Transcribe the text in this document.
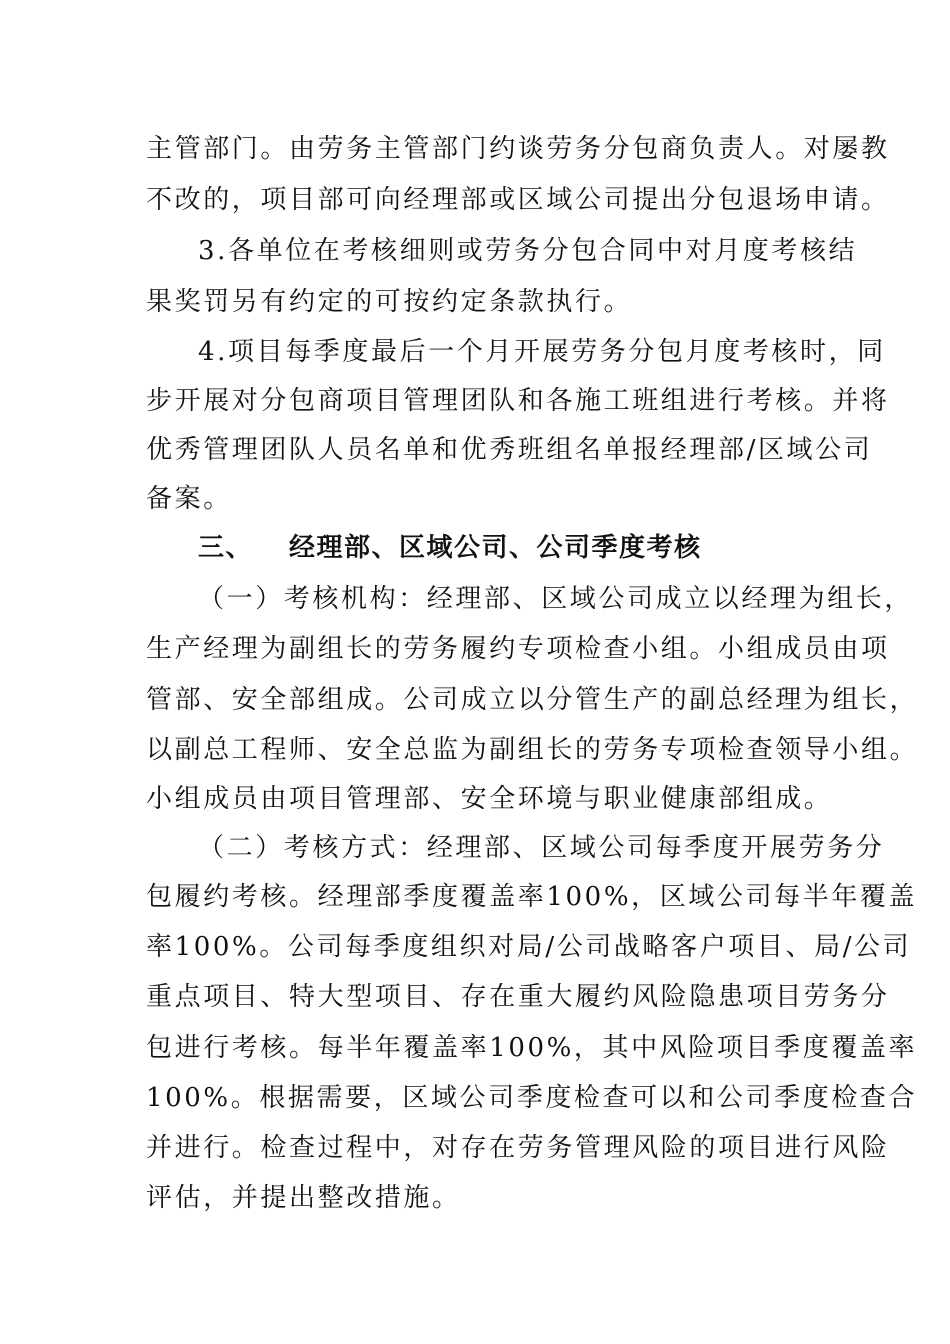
主管部门。由劳务主管部门约谈劳务分包商负责人。对屡教
不改的，项目部可向经理部或区域公司提出分包退场申请。
3.各单位在考核细则或劳务分包合同中对月度考核结
果奖罚另有约定的可按约定条款执行。
4.项目每季度最后一个月开展劳务分包月度考核时，同
步开展对分包商项目管理团队和各施工班组进行考核。并将
优秀管理团队人员名单和优秀班组名单报经理部/区域公司
备案。
三、 经理部、区域公司、公司季度考核
（一）考核机构：经理部、区域公司成立以经理为组长，
生产经理为副组长的劳务履约专项检查小组。小组成员由项
管部、安全部组成。公司成立以分管生产的副总经理为组长，
以副总工程师、安全总监为副组长的劳务专项检查领导小组。
小组成员由项目管理部、安全环境与职业健康部组成。
（二）考核方式：经理部、区域公司每季度开展劳务分
包履约考核。经理部季度覆盖率100%，区域公司每半年覆盖
率100%。公司每季度组织对局/公司战略客户项目、局/公司
重点项目、特大型项目、存在重大履约风险隐患项目劳务分
包进行考核。每半年覆盖率100%，其中风险项目季度覆盖率
100%。根据需要，区域公司季度检查可以和公司季度检查合
并进行。检查过程中，对存在劳务管理风险的项目进行风险
评估，并提出整改措施。
